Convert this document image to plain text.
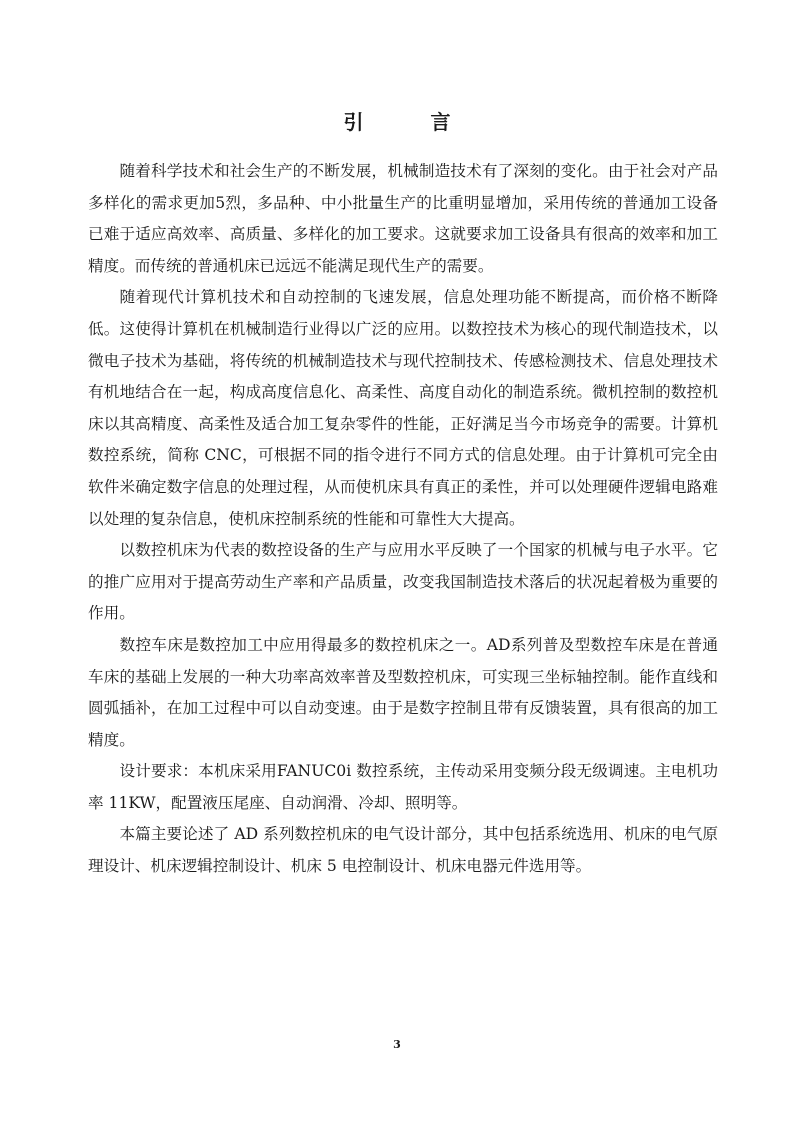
引 言

随着科学技术和社会生产的不断发展，机械制造技术有了深刻的变化。由于社会对产品多样化的需求更加5烈，多品种、中小批量生产的比重明显增加，采用传统的普通加工设备已难于适应高效率、高质量、多样化的加工要求。这就要求加工设备具有很高的效率和加工精度。而传统的普通机床已远远不能满足现代生产的需要。

随着现代计算机技术和自动控制的飞速发展，信息处理功能不断提高，而价格不断降低。这使得计算机在机械制造行业得以广泛的应用。以数控技术为核心的现代制造技术，以微电子技术为基础，将传统的机械制造技术与现代控制技术、传感检测技术、信息处理技术有机地结合在一起，构成高度信息化、高柔性、高度自动化的制造系统。微机控制的数控机床以其高精度、高柔性及适合加工复杂零件的性能，正好满足当今市场竞争的需要。计算机数控系统，简称 CNC，可根据不同的指令进行不同方式的信息处理。由于计算机可完全由软件米确定数字信息的处理过程，从而使机床具有真正的柔性，并可以处理硬件逻辑电路难以处理的复杂信息，使机床控制系统的性能和可靠性大大提高。

以数控机床为代表的数控设备的生产与应用水平反映了一个国家的机械与电子水平。它的推广应用对于提高劳动生产率和产品质量，改变我国制造技术落后的状况起着极为重要的作用。

数控车床是数控加工中应用得最多的数控机床之一。AD系列普及型数控车床是在普通车床的基础上发展的一种大功率高效率普及型数控机床，可实现三坐标轴控制。能作直线和圆弧插补，在加工过程中可以自动变速。由于是数字控制且带有反馈装置，具有很高的加工精度。

设计要求：本机床采用FANUC0i 数控系统，主传动采用变频分段无级调速。主电机功率 11KW，配置液压尾座、自动润滑、冷却、照明等。

本篇主要论述了 AD 系列数控机床的电气设计部分，其中包括系统选用、机床的电气原理设计、机床逻辑控制设计、机床 5 电控制设计、机床电器元件选用等。

3
